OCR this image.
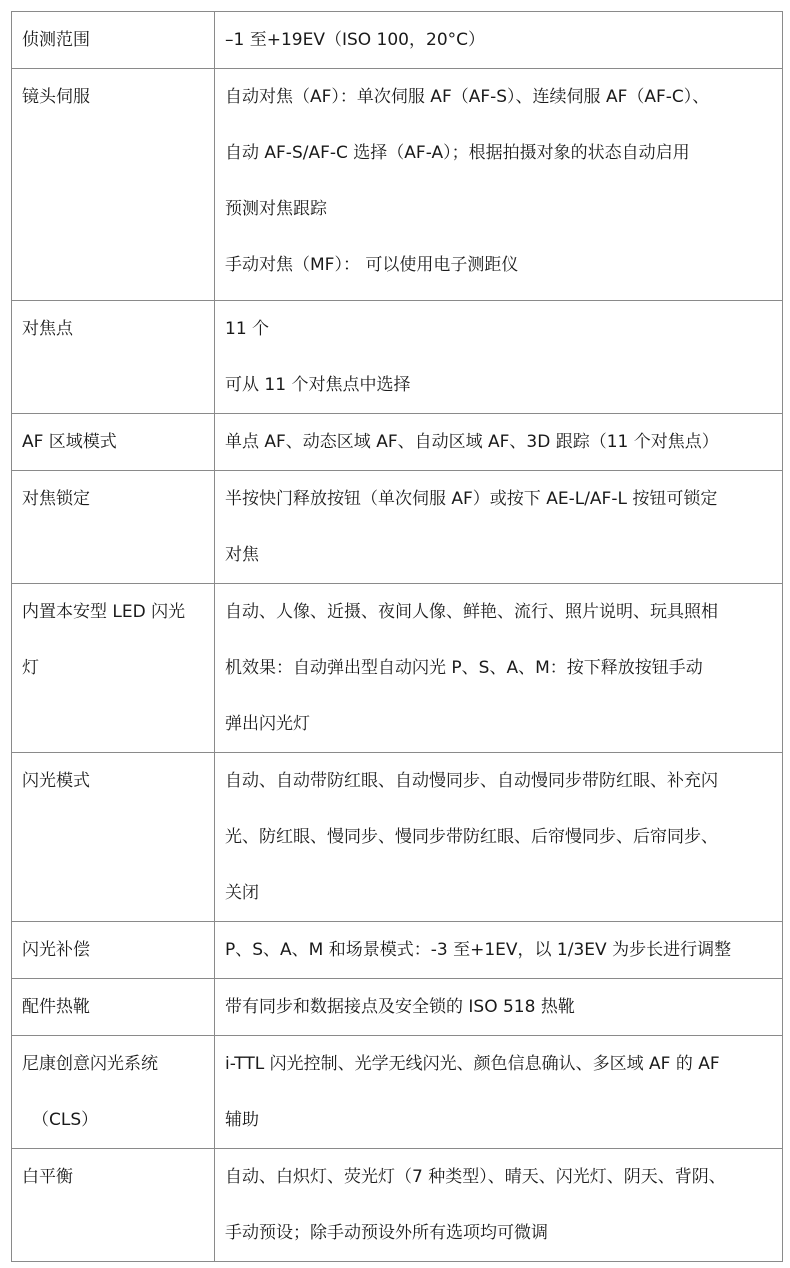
侦测范围	–1 至+19EV（ISO 100，20°C）

镜头伺服	自动对焦（AF）：单次伺服 AF（AF-S）、连续伺服 AF（AF-C）、
自动 AF-S/AF-C 选择（AF-A）；根据拍摄对象的状态自动启用
预测对焦跟踪
手动对焦（MF）： 可以使用电子测距仪

对焦点	11 个
可从 11 个对焦点中选择

AF 区域模式	单点 AF、动态区域 AF、自动区域 AF、3D 跟踪（11 个对焦点）

对焦锁定	半按快门释放按钮（单次伺服 AF）或按下 AE-L/AF-L 按钮可锁定
对焦

内置本安型 LED 闪光
灯	自动、人像、近摄、夜间人像、鲜艳、流行、照片说明、玩具照相
机效果：自动弹出型自动闪光 P、S、A、M：按下释放按钮手动
弹出闪光灯

闪光模式	自动、自动带防红眼、自动慢同步、自动慢同步带防红眼、补充闪
光、防红眼、慢同步、慢同步带防红眼、后帘慢同步、后帘同步、
关闭

闪光补偿	P、S、A、M 和场景模式：-3 至+1EV，以 1/3EV 为步长进行调整

配件热靴	带有同步和数据接点及安全锁的 ISO 518 热靴

尼康创意闪光系统
（CLS）	i-TTL 闪光控制、光学无线闪光、颜色信息确认、多区域 AF 的 AF
辅助

白平衡	自动、白炽灯、荧光灯（7 种类型）、晴天、闪光灯、阴天、背阴、
手动预设；除手动预设外所有选项均可微调
